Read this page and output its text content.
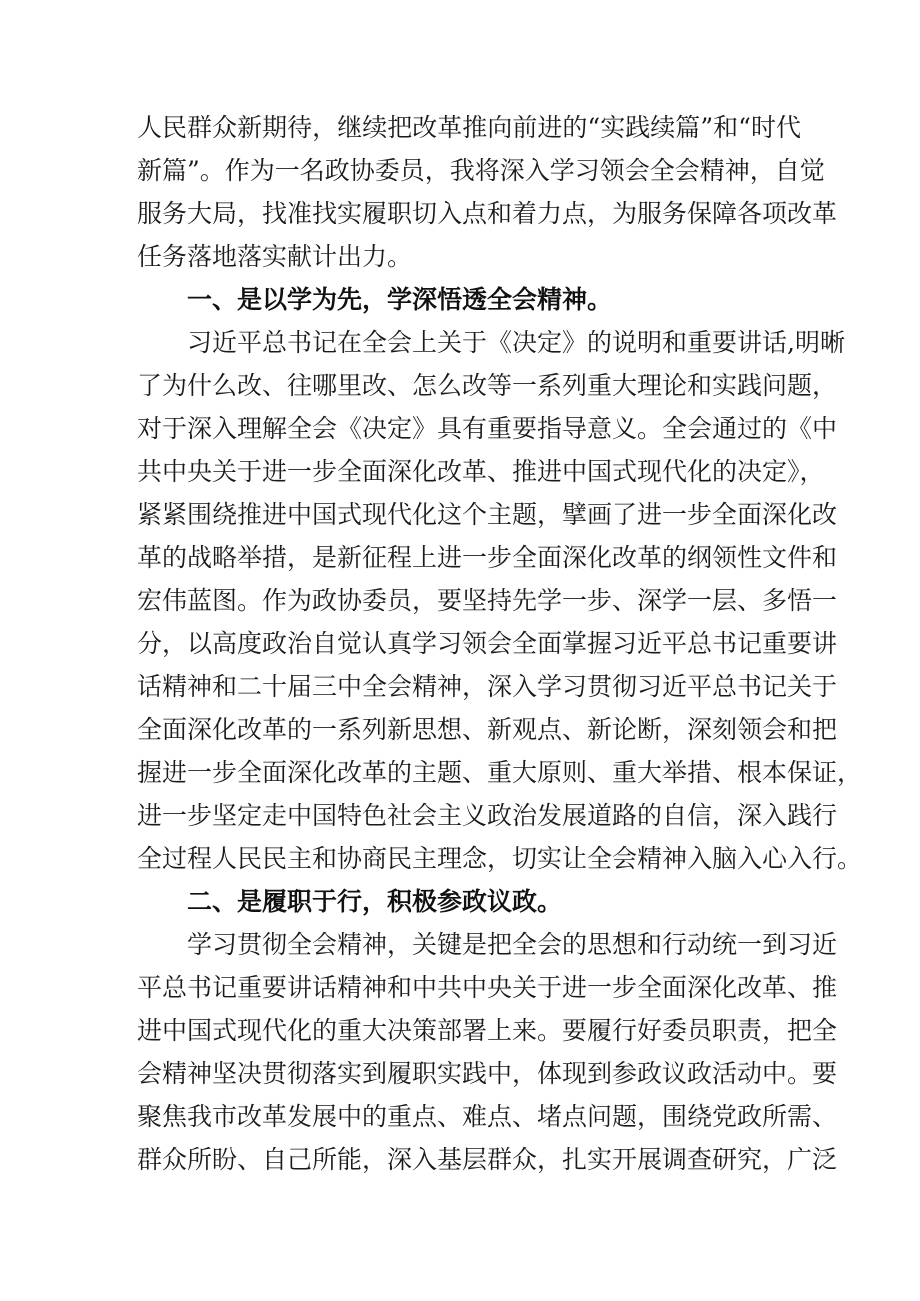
人民群众新期待，继续把改革推向前进的“实践续篇”和“时代
新篇”。作为一名政协委员，我将深入学习领会全会精神，自觉
服务大局，找准找实履职切入点和着力点，为服务保障各项改革
任务落地落实献计出力。
一、是以学为先，学深悟透全会精神。
习近平总书记在全会上关于《决定》的说明和重要讲话,明晰
了为什么改、往哪里改、怎么改等一系列重大理论和实践问题，
对于深入理解全会《决定》具有重要指导意义。全会通过的《中
共中央关于进一步全面深化改革、推进中国式现代化的决定》，
紧紧围绕推进中国式现代化这个主题，擘画了进一步全面深化改
革的战略举措，是新征程上进一步全面深化改革的纲领性文件和
宏伟蓝图。作为政协委员，要坚持先学一步、深学一层、多悟一
分，以高度政治自觉认真学习领会全面掌握习近平总书记重要讲
话精神和二十届三中全会精神，深入学习贯彻习近平总书记关于
全面深化改革的一系列新思想、新观点、新论断，深刻领会和把
握进一步全面深化改革的主题、重大原则、重大举措、根本保证，
进一步坚定走中国特色社会主义政治发展道路的自信，深入践行
全过程人民民主和协商民主理念，切实让全会精神入脑入心入行。
二、是履职于行，积极参政议政。
学习贯彻全会精神，关键是把全会的思想和行动统一到习近
平总书记重要讲话精神和中共中央关于进一步全面深化改革、推
进中国式现代化的重大决策部署上来。要履行好委员职责，把全
会精神坚决贯彻落实到履职实践中，体现到参政议政活动中。要
聚焦我市改革发展中的重点、难点、堵点问题，围绕党政所需、
群众所盼、自己所能，深入基层群众，扎实开展调查研究，广泛
